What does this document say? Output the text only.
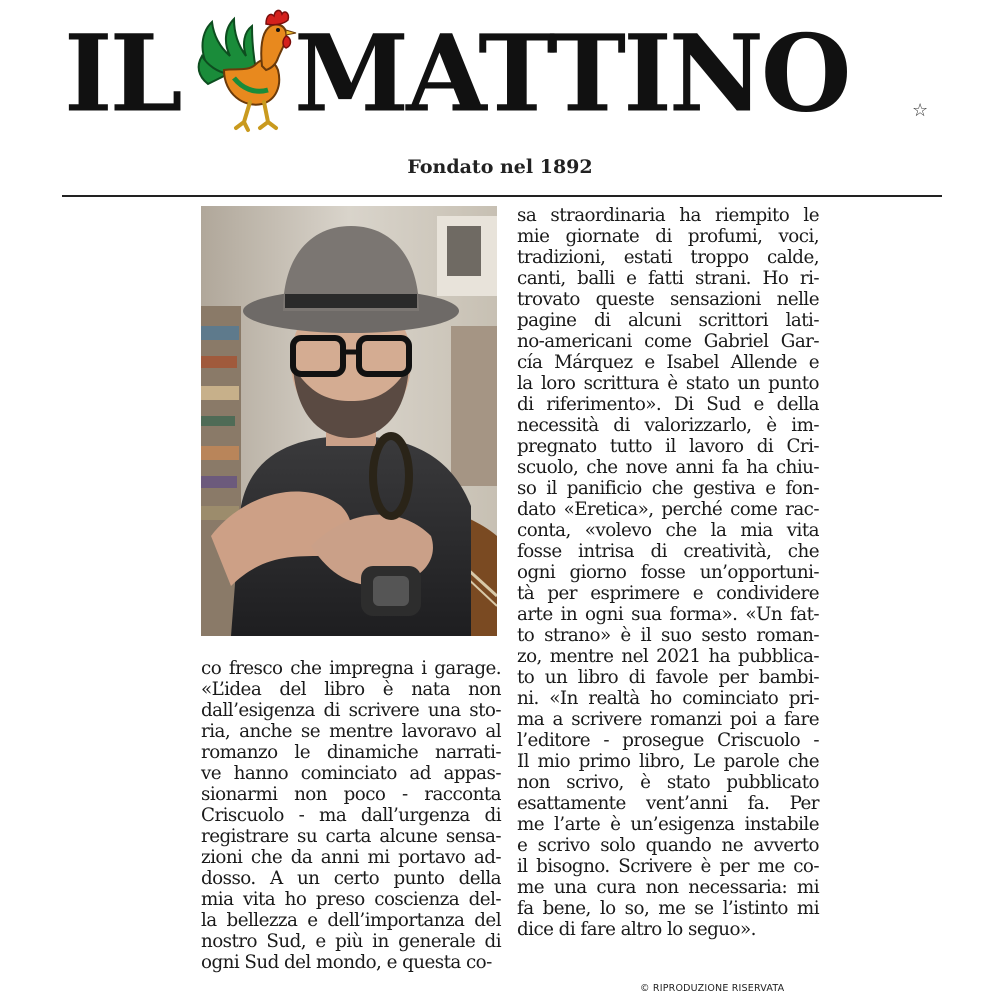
IL MATTINO	☆
Fondato nel 1892
co fresco che impregna i garage.
«L’idea del libro è nata non
dall’esigenza di scrivere una sto-
ria, anche se mentre lavoravo al
romanzo le dinamiche narrati-
ve hanno cominciato ad appas-
sionarmi non poco - racconta
Criscuolo - ma dall’urgenza di
registrare su carta alcune sensa-
zioni che da anni mi portavo ad-
dosso. A un certo punto della
mia vita ho preso coscienza del-
la bellezza e dell’importanza del
nostro Sud, e più in generale di
ogni Sud del mondo, e questa co-
sa straordinaria ha riempito le
mie giornate di profumi, voci,
tradizioni, estati troppo calde,
canti, balli e fatti strani. Ho ri-
trovato queste sensazioni nelle
pagine di alcuni scrittori lati-
no-americani come Gabriel Gar-
cía Márquez e Isabel Allende e
la loro scrittura è stato un punto
di riferimento». Di Sud e della
necessità di valorizzarlo, è im-
pregnato tutto il lavoro di Cri-
scuolo, che nove anni fa ha chiu-
so il panificio che gestiva e fon-
dato «Eretica», perché come rac-
conta, «volevo che la mia vita
fosse intrisa di creatività, che
ogni giorno fosse un’opportuni-
tà per esprimere e condividere
arte in ogni sua forma». «Un fat-
to strano» è il suo sesto roman-
zo, mentre nel 2021 ha pubblica-
to un libro di favole per bambi-
ni. «In realtà ho cominciato pri-
ma a scrivere romanzi poi a fare
l’editore - prosegue Criscuolo -
Il mio primo libro, Le parole che
non scrivo, è stato pubblicato
esattamente vent’anni fa. Per
me l’arte è un’esigenza instabile
e scrivo solo quando ne avverto
il bisogno. Scrivere è per me co-
me una cura non necessaria: mi
fa bene, lo so, me se l’istinto mi
dice di fare altro lo seguo».
© RIPRODUZIONE RISERVATA
